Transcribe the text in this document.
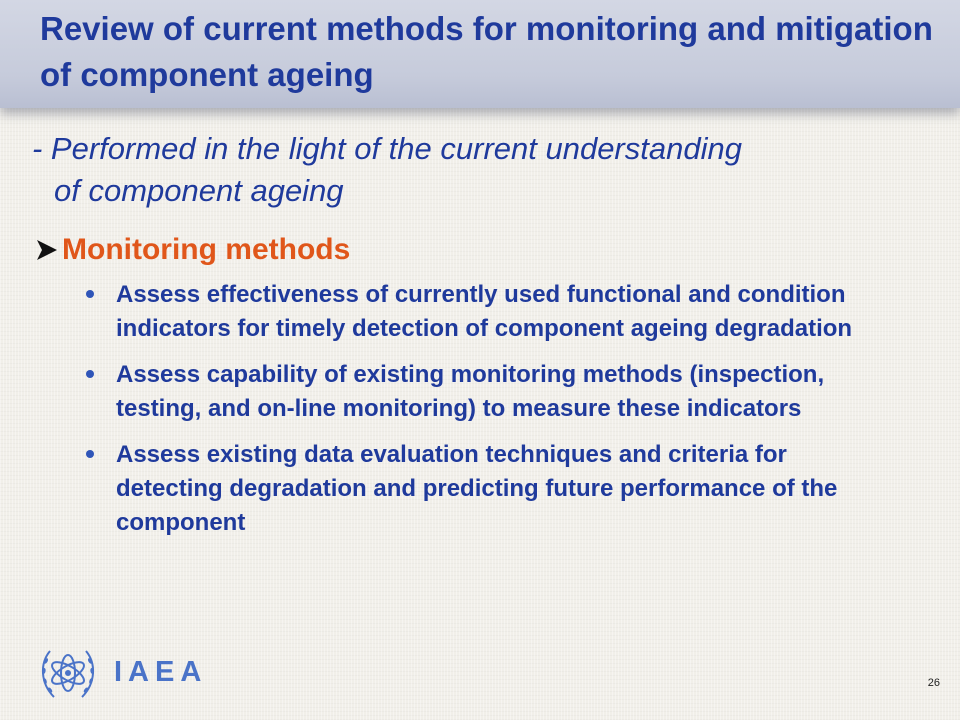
Review of current methods for monitoring and mitigation of component ageing
- Performed in the light of the current understanding
of component ageing
Monitoring methods
Assess effectiveness of currently used functional and condition indicators for timely detection of component ageing degradation
Assess capability of existing monitoring methods (inspection, testing, and on-line monitoring) to measure these indicators
Assess existing data evaluation techniques and criteria for detecting degradation and predicting future performance of the component
IAEA	26
